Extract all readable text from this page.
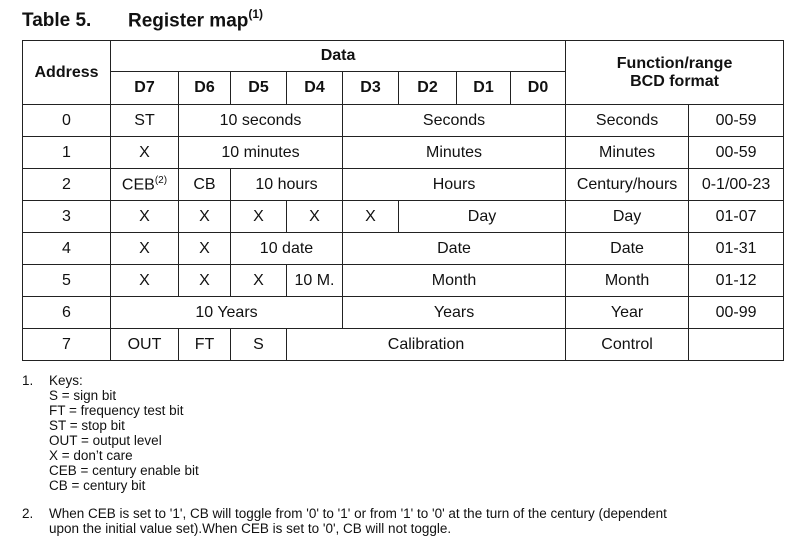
Table 5. Register map$^{(1)}$
Address	Data								Function/range
BCD format	

	D7	D6	D5	D4	D3	D2	D1	D0		
0	ST	10 seconds			Seconds				Seconds	00-59
1	X	10 minutes			Minutes				Minutes	00-59
2	CEB$^{(2)}$	CB	10 hours		Hours				Century/hours	0-1/00-23
3	X	X	X	X	X	Day			Day	01-07
4	X	X	10 date		Date				Date	01-31
5	X	X	X	10 M.	Month				Month	01-12
6	10 Years				Years				Year	00-99
7	OUT	FT	S	Calibration					Control	
1.	Keys:
S = sign bit
FT = frequency test bit
ST = stop bit
OUT = output level
X = don’t care
CEB = century enable bit
CB = century bit
2.	When CEB is set to '1', CB will toggle from '0' to '1' or from '1' to '0' at the turn of the century (dependent
upon the initial value set).When CEB is set to '0', CB will not toggle.
